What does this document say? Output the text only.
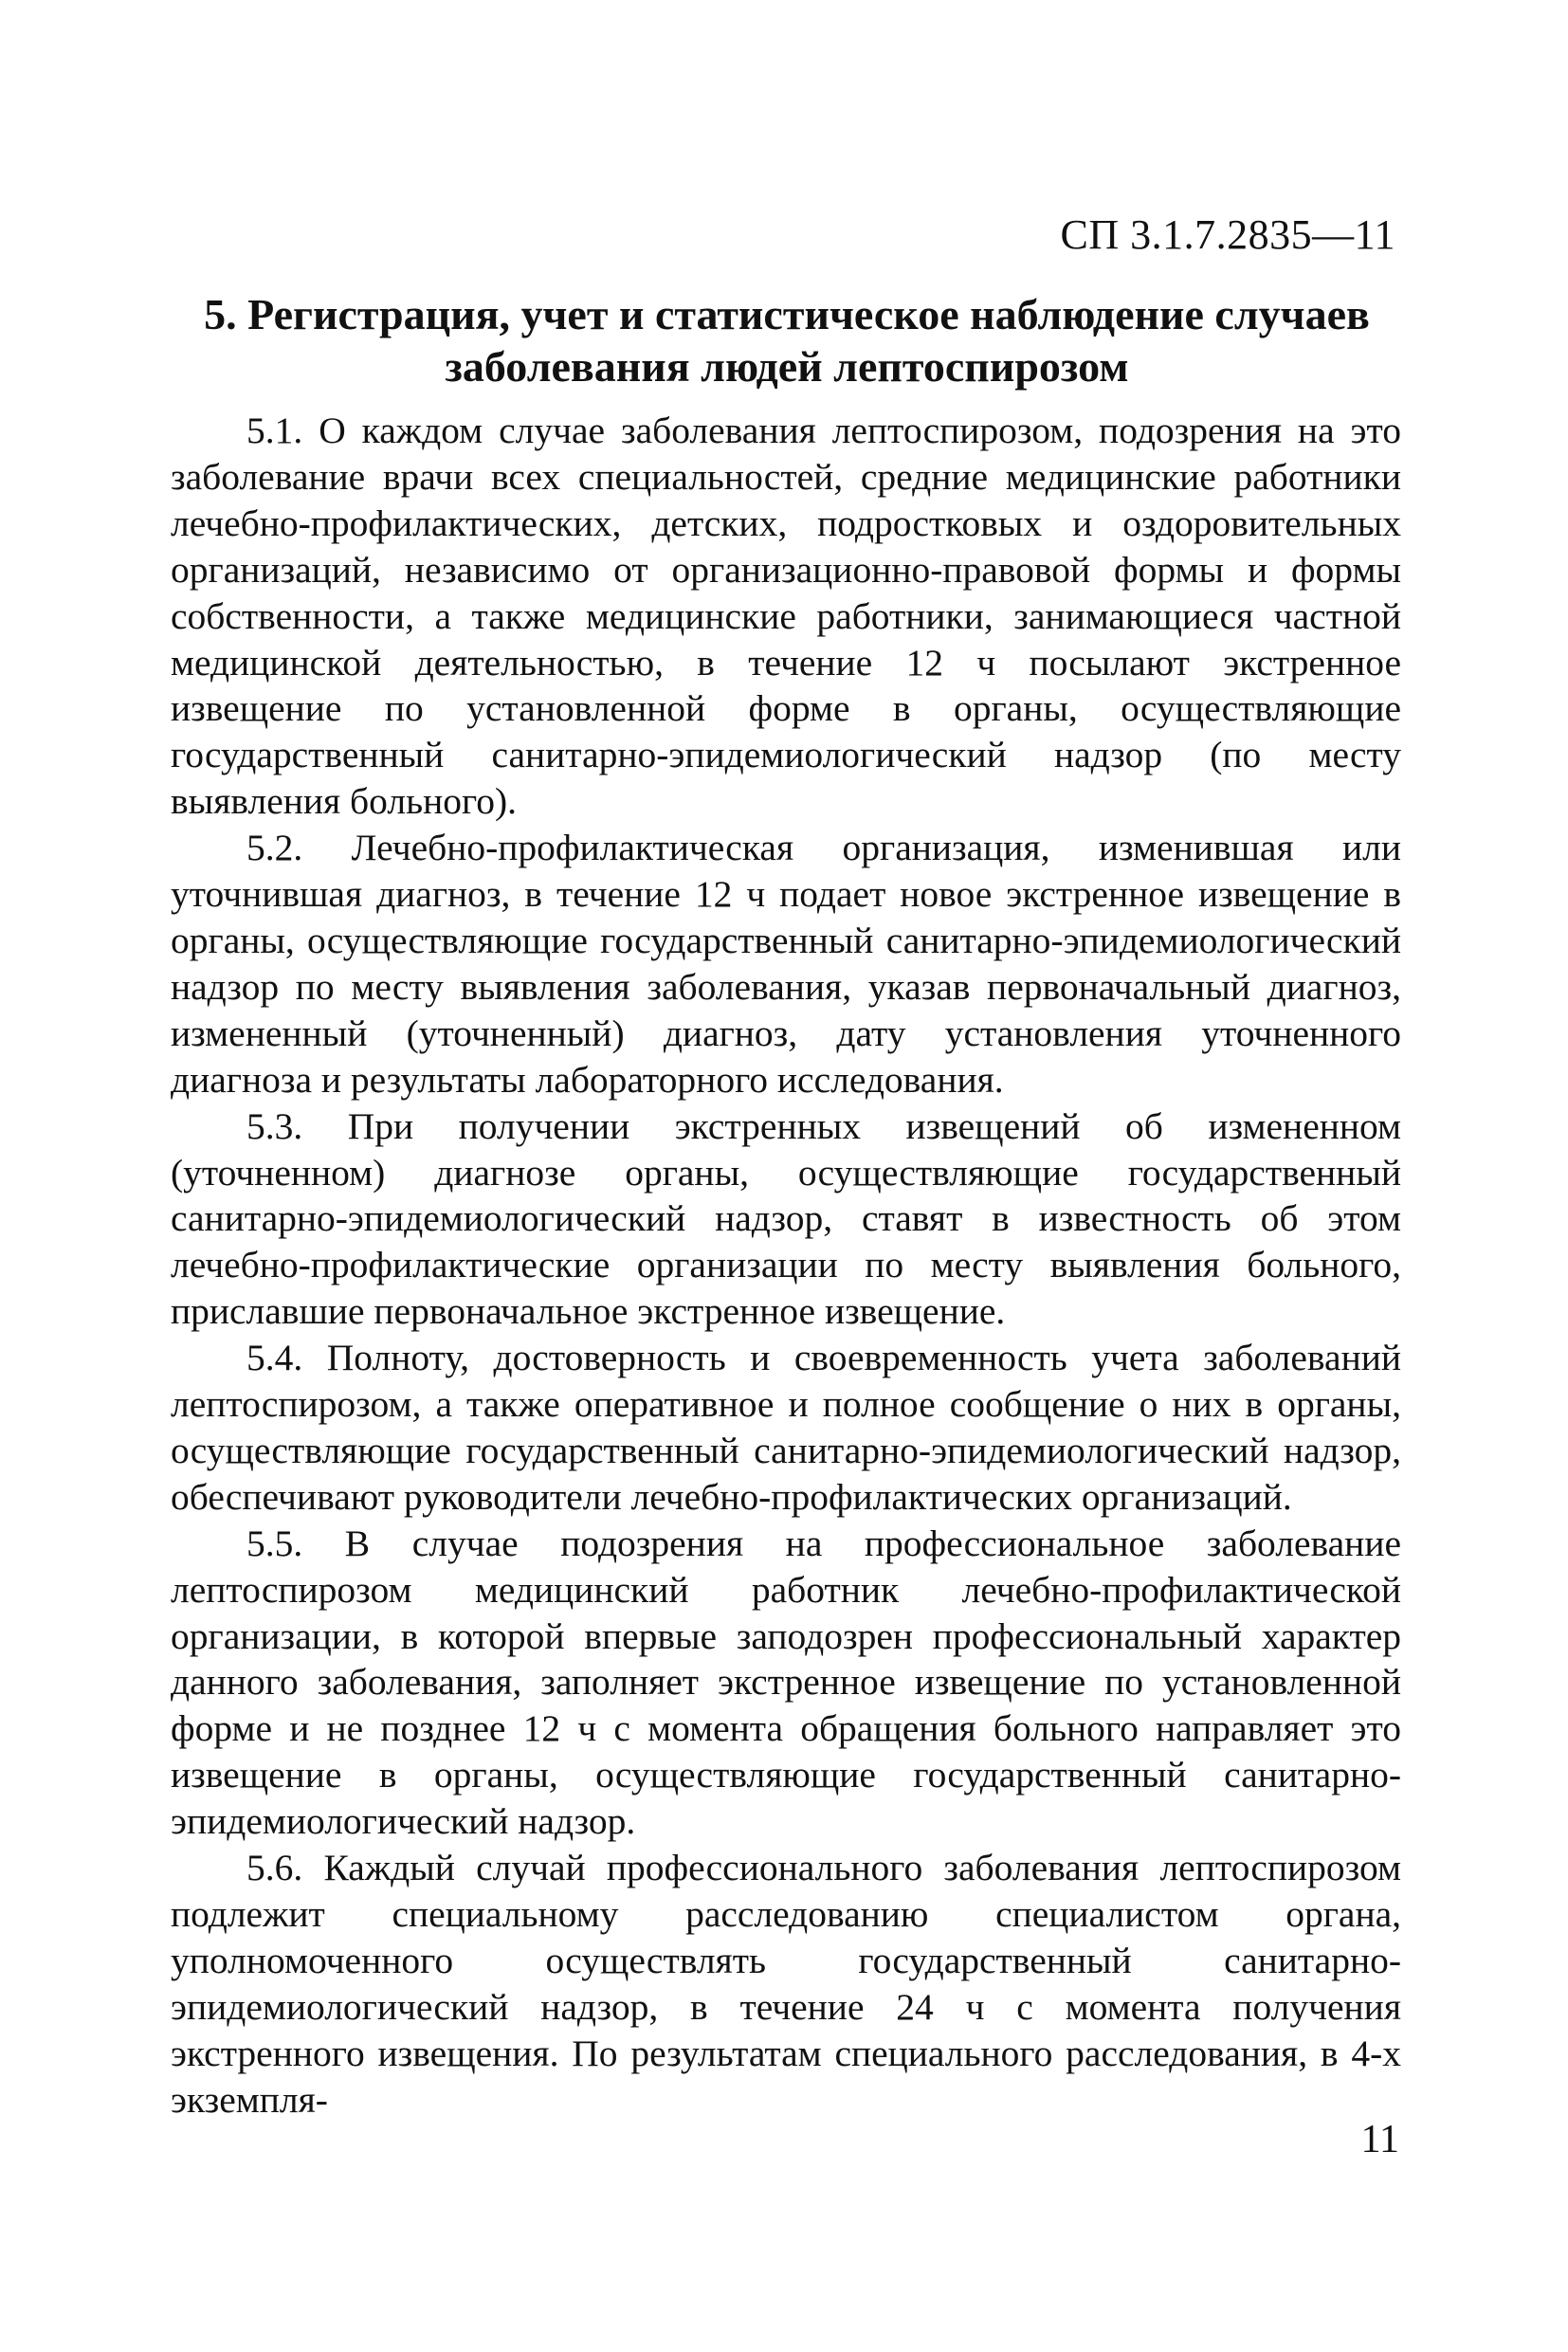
СП 3.1.7.2835—11
5. Регистрация, учет и статистическое наблюдение случаев
заболевания людей лептоспирозом

5.1. О каждом случае заболевания лептоспирозом, подозрения на это заболевание врачи всех специальностей, средние медицинские работники лечебно-профилактических, детских, подростковых и оздоровительных организаций, независимо от организационно-правовой формы и формы собственности, а также медицинские работники, занимающиеся частной медицинской деятельностью, в течение 12 ч посылают экстренное извещение по установленной форме в органы, осуществляющие государственный санитарно-эпидемиологический надзор (по месту выявления больного).

5.2. Лечебно-профилактическая организация, изменившая или уточнившая диагноз, в течение 12 ч подает новое экстренное извещение в органы, осуществляющие государственный санитарно-эпидемиологический надзор по месту выявления заболевания, указав первоначальный диагноз, измененный (уточненный) диагноз, дату установления уточненного диагноза и результаты лабораторного исследования.

5.3. При получении экстренных извещений об измененном (уточненном) диагнозе органы, осуществляющие государственный санитарно-эпидемиологический надзор, ставят в известность об этом лечебно-профилактические организации по месту выявления больного, приславшие первоначальное экстренное извещение.

5.4. Полноту, достоверность и своевременность учета заболеваний лептоспирозом, а также оперативное и полное сообщение о них в органы, осуществляющие государственный санитарно-эпидемиологический надзор, обеспечивают руководители лечебно-профилактических организаций.

5.5. В случае подозрения на профессиональное заболевание лептоспирозом медицинский работник лечебно-профилактической организации, в которой впервые заподозрен профессиональный характер данного заболевания, заполняет экстренное извещение по установленной форме и не позднее 12 ч с момента обращения больного направляет это извещение в органы, осуществляющие государственный санитарно-эпидемиологический надзор.

5.6. Каждый случай профессионального заболевания лептоспирозом подлежит специальному расследованию специалистом органа, уполномоченного осуществлять государственный санитарно-эпидемиологический надзор, в течение 24 ч с момента получения экстренного извещения. По результатам специального расследования, в 4-х экземпля-

11
